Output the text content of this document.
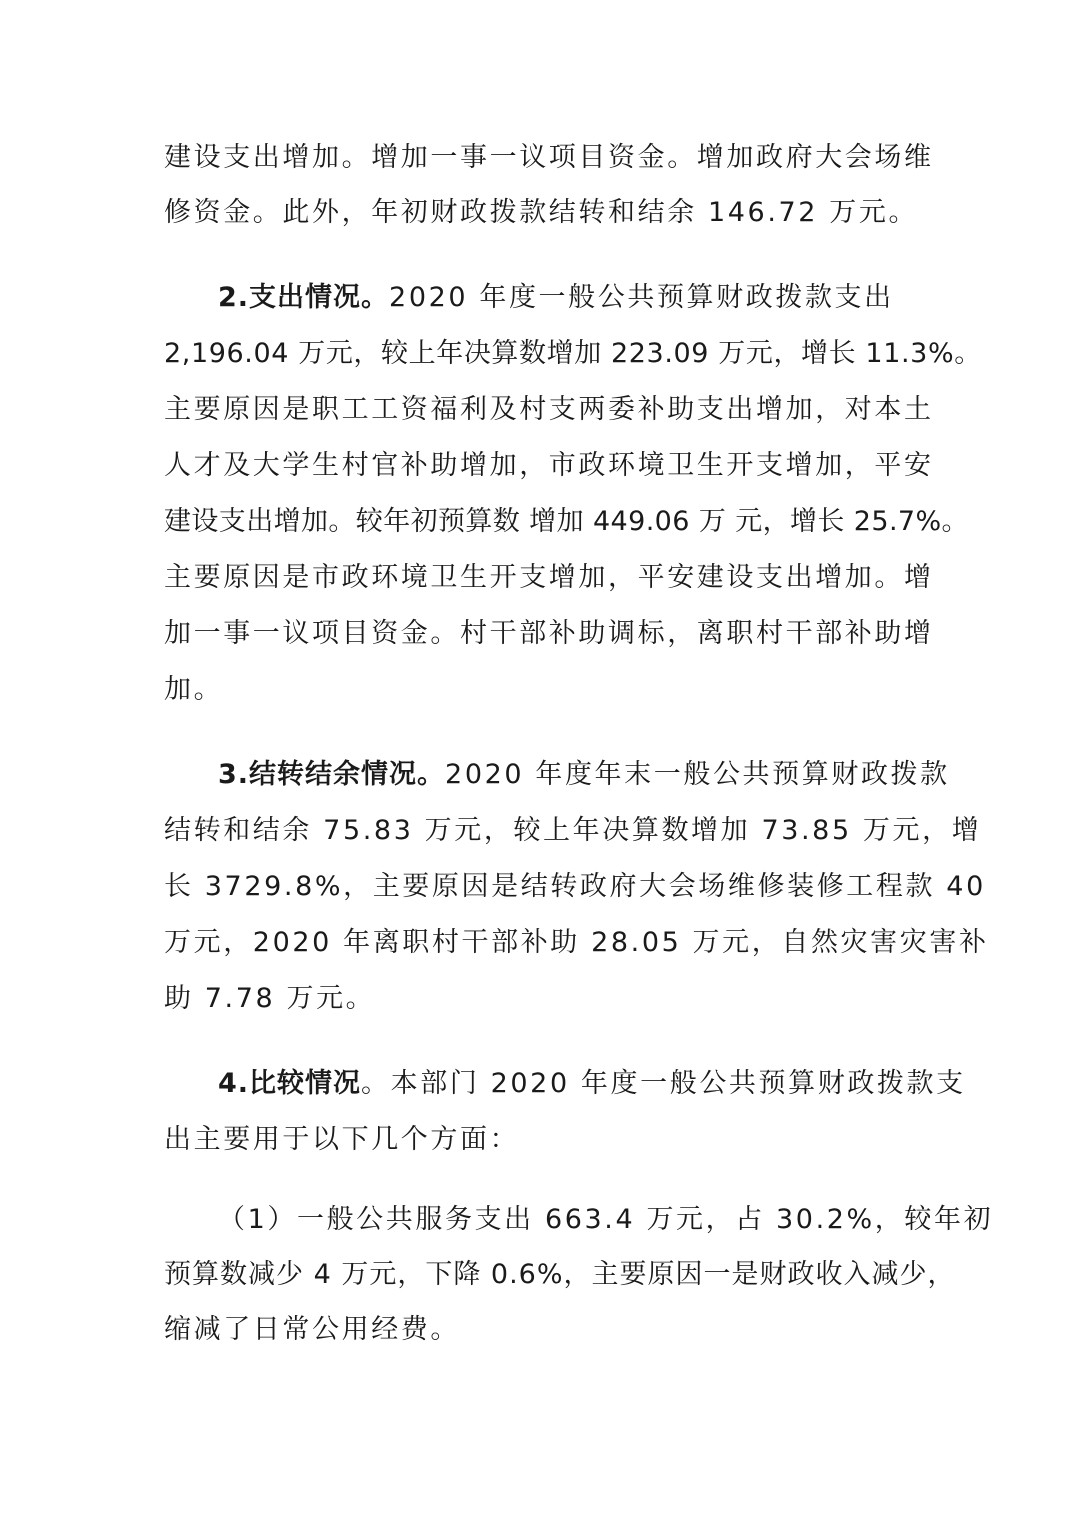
建设支出增加。增加一事一议项目资金。增加政府大会场维
修资金。此外，年初财政拨款结转和结余 146.72 万元。
2.支出情况。2020 年度一般公共预算财政拨款支出
2,196.04 万元，较上年决算数增加 223.09 万元，增长 11.3%。
主要原因是职工工资福利及村支两委补助支出增加，对本土
人才及大学生村官补助增加，市政环境卫生开支增加，平安
建设支出增加。较年初预算数 增加 449.06 万 元，增长 25.7%。
主要原因是市政环境卫生开支增加，平安建设支出增加。增
加一事一议项目资金。村干部补助调标，离职村干部补助增
加。
3.结转结余情况。2020 年度年末一般公共预算财政拨款
结转和结余 75.83 万元，较上年决算数增加 73.85 万元，增
长 3729.8%，主要原因是结转政府大会场维修装修工程款 40
万元，2020 年离职村干部补助 28.05 万元，自然灾害灾害补
助 7.78 万元。
4.比较情况。本部门 2020 年度一般公共预算财政拨款支
出主要用于以下几个方面：
（1）一般公共服务支出 663.4 万元，占 30.2%，较年初
预算数减少 4 万元，下降 0.6%，主要原因一是财政收入减少，
缩减了日常公用经费。
